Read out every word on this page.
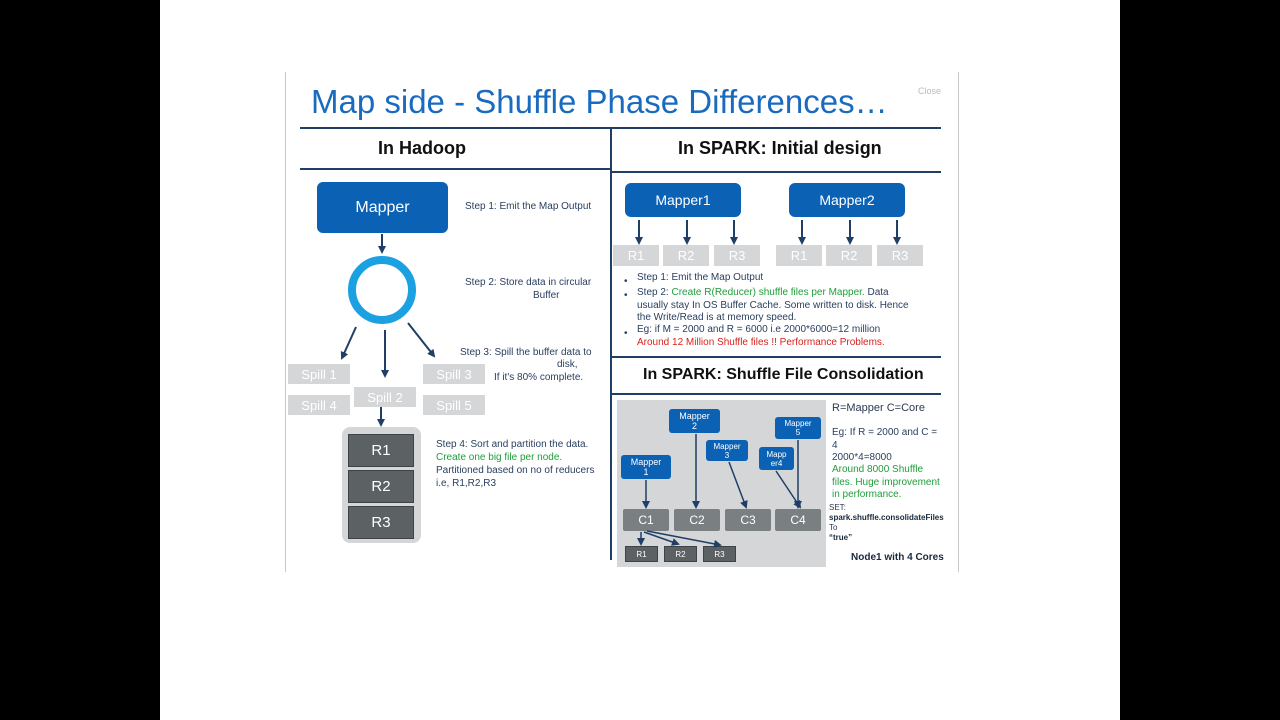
Map side - Shuffle Phase Differences…	Close
In Hadoop	In SPARK: Initial design
In SPARK: Shuffle File Consolidation
Mapper	Step 1: Emit the Map Output
Step 2: Store data in circular
Buffer
Step 3: Spill the buffer data to
disk,
If it's 80% complete.
Spill 1
Spill 2
Spill 3
Spill 4	Spill 5
R1
R2
R3
Step 4: Sort and partition the data.
Create one big file per node.
Partitioned based on no of reducers
i.e, R1,R2,R3
Mapper1	Mapper2
R1	R2	R3	R1	R2	R3
• Step 1: Emit the Map Output
• Step 2: Create R(Reducer) shuffle files per Mapper. Data
usually stay In OS Buffer Cache. Some written to disk. Hence
the Write/Read is at memory speed.
• Eg: if M = 2000 and R = 6000 i.e 2000*6000=12 million
Around 12 Million Shuffle files !! Performance Problems.
Mapper
1
Mapper
2
Mapper
3	Mapp
er4
Mapper
5
C1	C2	C3	C4
R1	R2	R3
R=Mapper C=Core
Eg: If R = 2000 and C =
4
2000*4=8000
Around 8000 Shuffle
files. Huge improvement
in performance.
SET:
spark.shuffle.consolidateFiles
To
“true”
Node1 with 4 Cores
